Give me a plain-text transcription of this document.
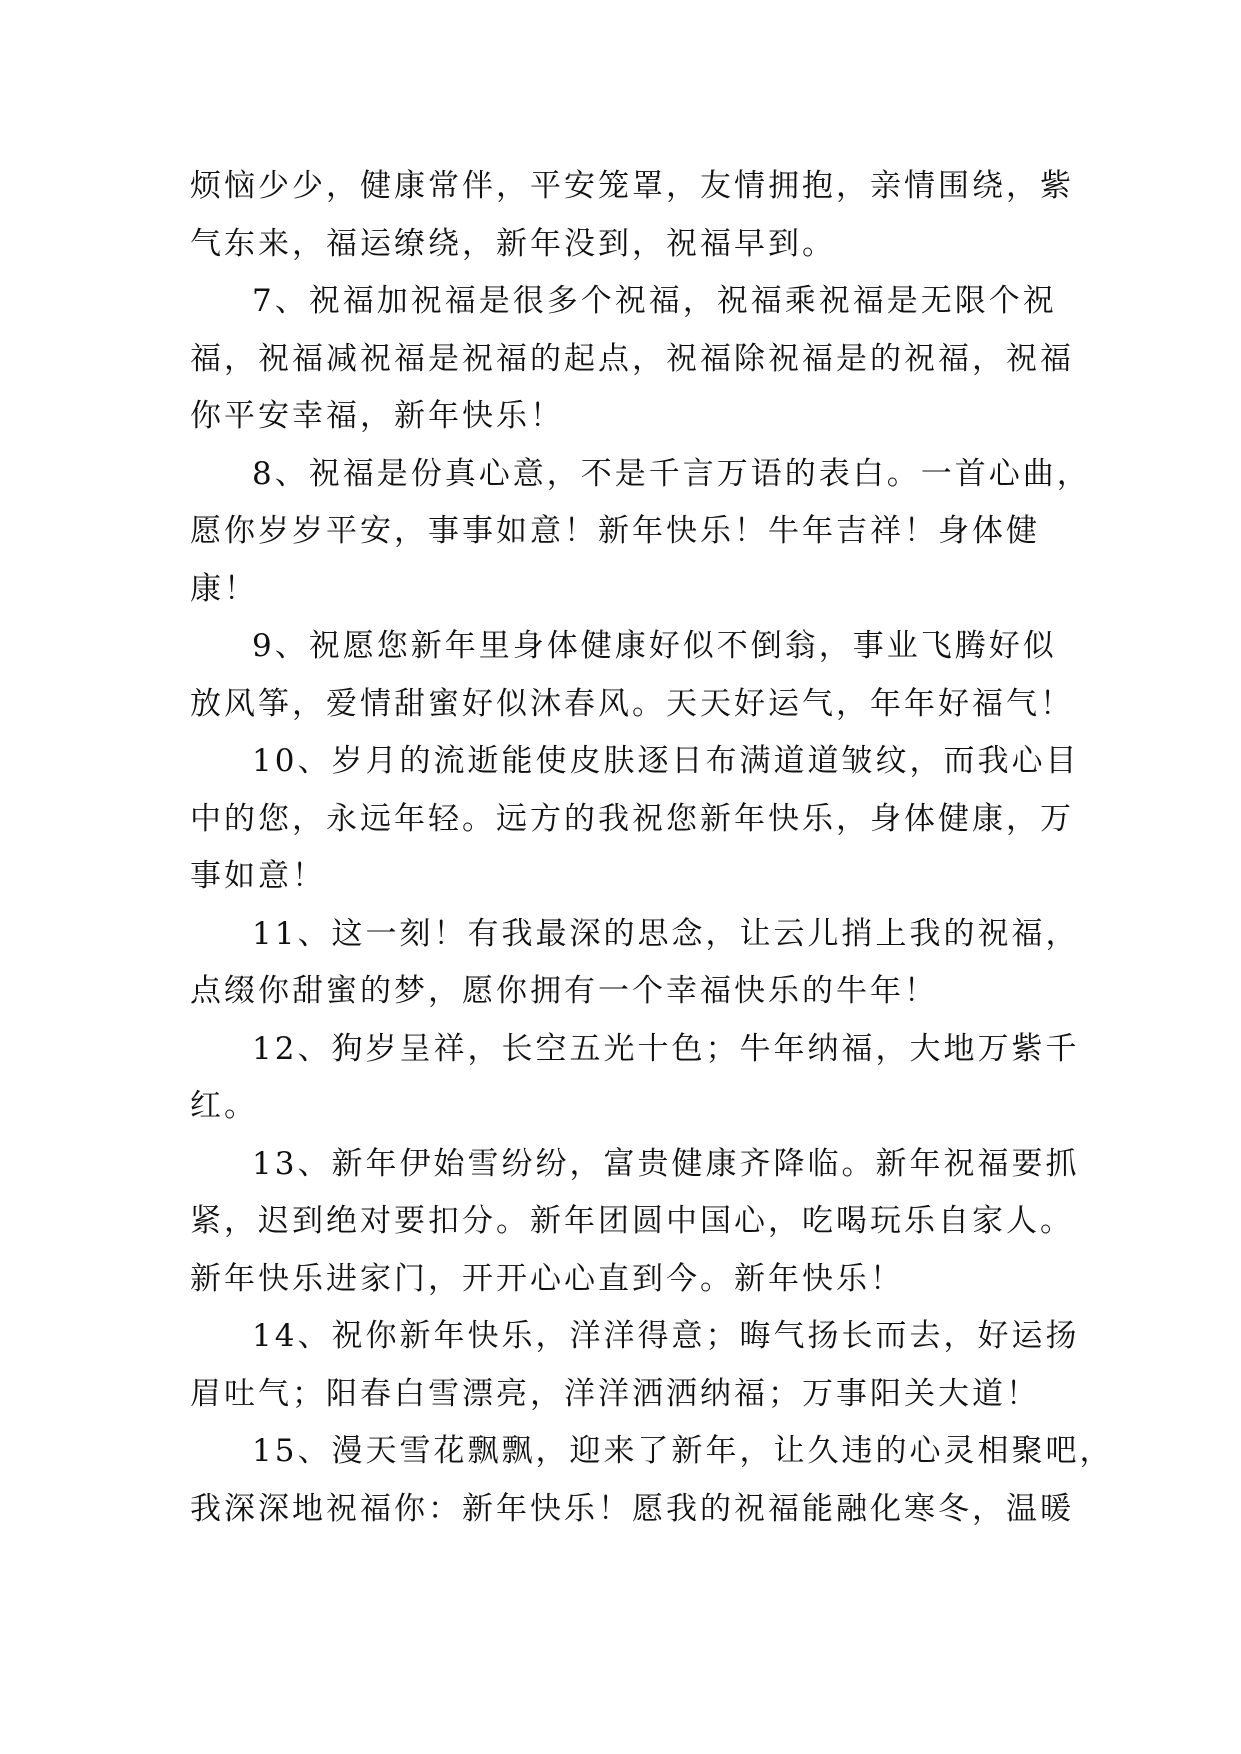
烦恼少少，健康常伴，平安笼罩，友情拥抱，亲情围绕，紫
气东来，福运缭绕，新年没到，祝福早到。
7、祝福加祝福是很多个祝福，祝福乘祝福是无限个祝
福，祝福减祝福是祝福的起点，祝福除祝福是的祝福，祝福
你平安幸福，新年快乐！
8、祝福是份真心意，不是千言万语的表白。一首心曲，
愿你岁岁平安，事事如意！新年快乐！牛年吉祥！身体健
康！
9、祝愿您新年里身体健康好似不倒翁，事业飞腾好似
放风筝，爱情甜蜜好似沐春风。天天好运气，年年好福气！
10、岁月的流逝能使皮肤逐日布满道道皱纹，而我心目
中的您，永远年轻。远方的我祝您新年快乐，身体健康，万
事如意！
11、这一刻！有我最深的思念，让云儿捎上我的祝福，
点缀你甜蜜的梦，愿你拥有一个幸福快乐的牛年！
12、狗岁呈祥，长空五光十色；牛年纳福，大地万紫千
红。
13、新年伊始雪纷纷，富贵健康齐降临。新年祝福要抓
紧，迟到绝对要扣分。新年团圆中国心，吃喝玩乐自家人。
新年快乐进家门，开开心心直到今。新年快乐！
14、祝你新年快乐，洋洋得意；晦气扬长而去，好运扬
眉吐气；阳春白雪漂亮，洋洋洒洒纳福；万事阳关大道！
15、漫天雪花飘飘，迎来了新年，让久违的心灵相聚吧，
我深深地祝福你：新年快乐！愿我的祝福能融化寒冬，温暖
